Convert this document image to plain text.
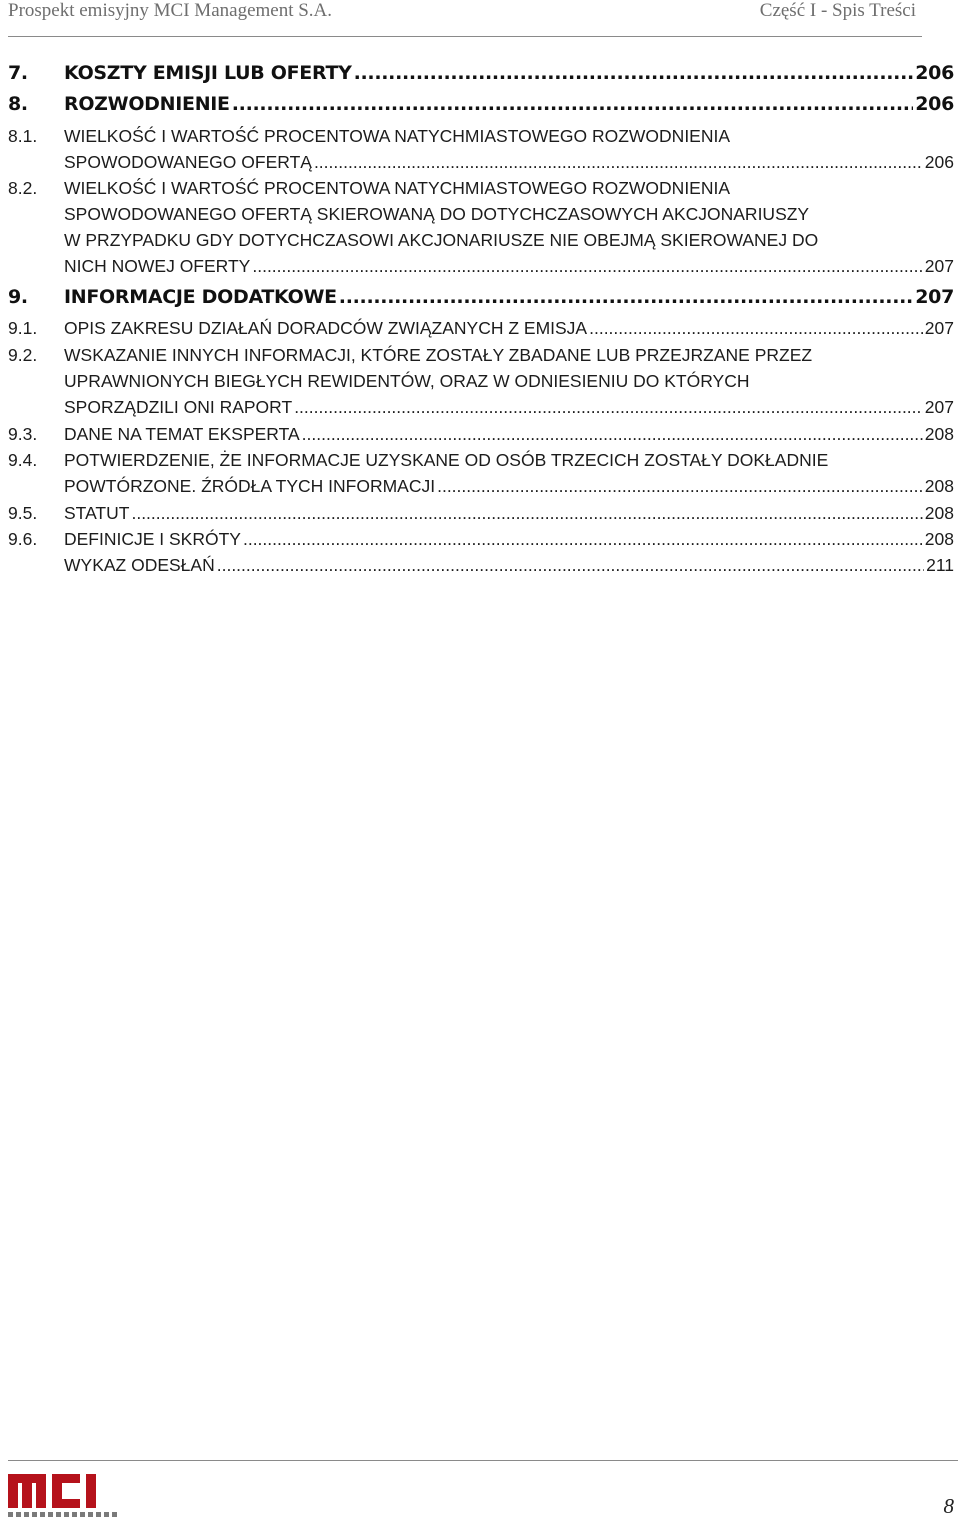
Prospekt emisyjny MCI Management S.A.	Część I - Spis Treści
7. KOSZTY EMISJI LUB OFERTY .....	206
8. ROZWODNIENIE .....	206
8.1. WIELKOŚĆ I WARTOŚĆ PROCENTOWA NATYCHMIASTOWEGO ROZWODNIENIA
SPOWODOWANEGO OFERTĄ .....	206
8.2. WIELKOŚĆ I WARTOŚĆ PROCENTOWA NATYCHMIASTOWEGO ROZWODNIENIA
SPOWODOWANEGO OFERTĄ SKIEROWANĄ DO DOTYCHCZASOWYCH AKCJONARIUSZY
W PRZYPADKU GDY DOTYCHCZASOWI AKCJONARIUSZE NIE OBEJMĄ SKIEROWANEJ DO
NICH NOWEJ OFERTY .....	207
9. INFORMACJE DODATKOWE .....	207
9.1. OPIS ZAKRESU DZIAŁAŃ DORADCÓW ZWIĄZANYCH Z EMISJA .....	207
9.2. WSKAZANIE INNYCH INFORMACJI, KTÓRE ZOSTAŁY ZBADANE LUB PRZEJRZANE PRZEZ
UPRAWNIONYCH BIEGŁYCH REWIDENTÓW, ORAZ W ODNIESIENIU DO KTÓRYCH
SPORZĄDZILI ONI RAPORT .....	207
9.3. DANE NA TEMAT EKSPERTA .....	208
9.4. POTWIERDZENIE, ŻE INFORMACJE UZYSKANE OD OSÓB TRZECICH ZOSTAŁY DOKŁADNIE
POWTÓRZONE. ŹRÓDŁA TYCH INFORMACJI .....	208
9.5. STATUT .....	208
9.6. DEFINICJE I SKRÓTY .....	208
WYKAZ ODESŁAŃ .....	211
8
